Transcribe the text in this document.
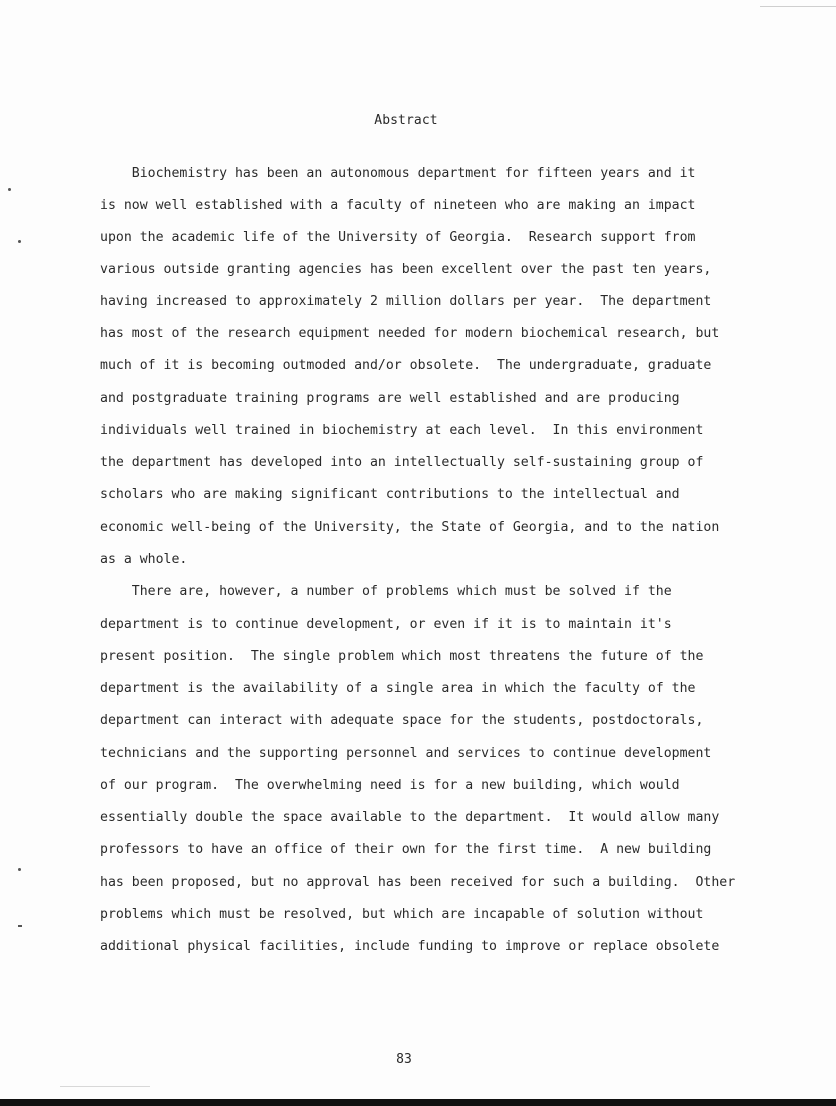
Abstract
Biochemistry has been an autonomous department for fifteen years and it
is now well established with a faculty of nineteen who are making an impact
upon the academic life of the University of Georgia.  Research support from
various outside granting agencies has been excellent over the past ten years,
having increased to approximately 2 million dollars per year.  The department
has most of the research equipment needed for modern biochemical research, but
much of it is becoming outmoded and/or obsolete.  The undergraduate, graduate
and postgraduate training programs are well established and are producing
individuals well trained in biochemistry at each level.  In this environment
the department has developed into an intellectually self-sustaining group of
scholars who are making significant contributions to the intellectual and
economic well-being of the University, the State of Georgia, and to the nation
as a whole.
There are, however, a number of problems which must be solved if the
department is to continue development, or even if it is to maintain it's
present position.  The single problem which most threatens the future of the
department is the availability of a single area in which the faculty of the
department can interact with adequate space for the students, postdoctorals,
technicians and the supporting personnel and services to continue development
of our program.  The overwhelming need is for a new building, which would
essentially double the space available to the department.  It would allow many
professors to have an office of their own for the first time.  A new building
has been proposed, but no approval has been received for such a building.  Other
problems which must be resolved, but which are incapable of solution without
additional physical facilities, include funding to improve or replace obsolete
83
